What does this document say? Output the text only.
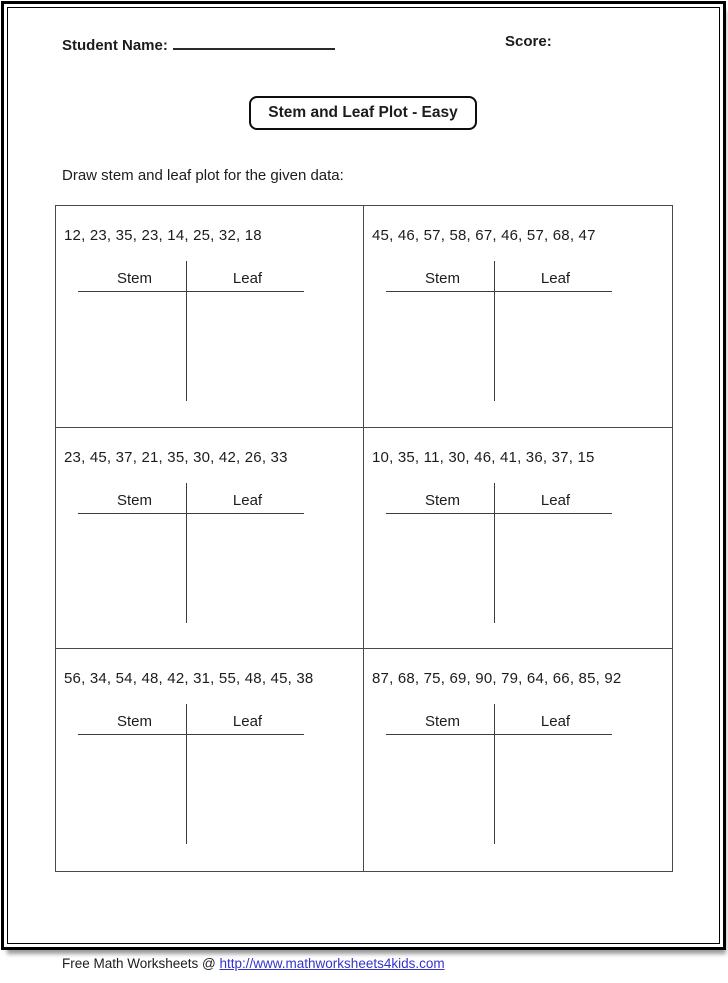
Student Name:	Score:
Stem and Leaf Plot - Easy
Draw stem and leaf plot for the given data:
12, 23, 35, 23, 14, 25, 32, 18
Stem	Leaf
45, 46, 57, 58, 67, 46, 57, 68, 47
Stem	Leaf
23, 45, 37, 21, 35, 30, 42, 26, 33
Stem	Leaf
10, 35, 11, 30, 46, 41, 36, 37, 15
Stem	Leaf
56, 34, 54, 48, 42, 31, 55, 48, 45, 38
Stem	Leaf
87, 68, 75, 69, 90, 79, 64, 66, 85, 92
Stem	Leaf
Free Math Worksheets @ http://www.mathworksheets4kids.com
